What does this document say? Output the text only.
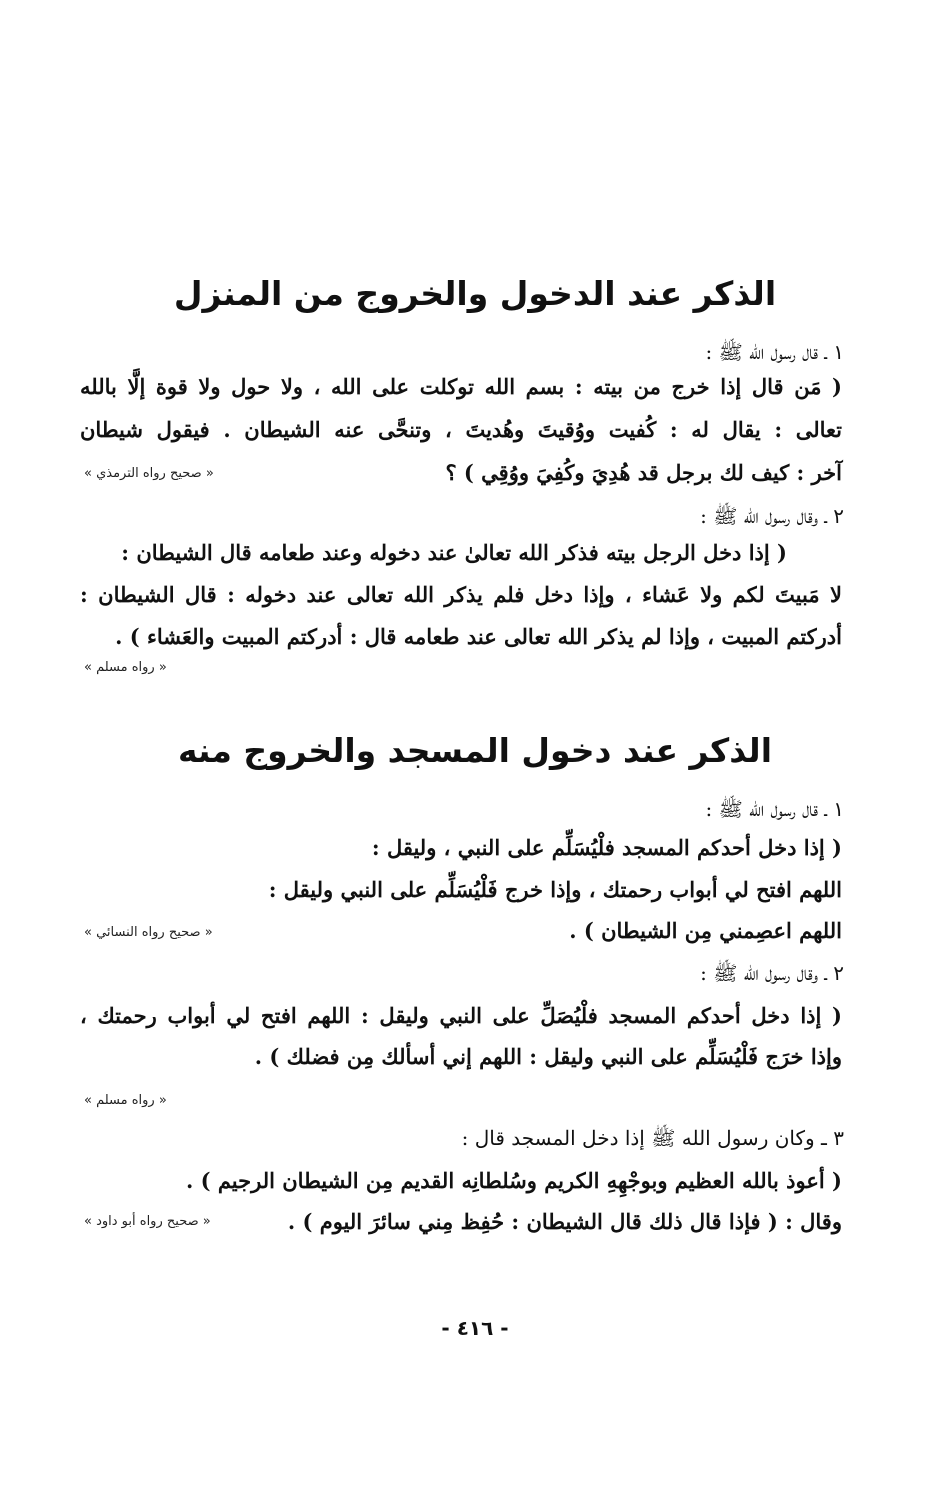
الذكر عند الدخول والخروج من المنزل
١ ـ قال رسول الله ﷺ :
( مَن قال إذا خرج من بيته : بسم الله توكلت على الله ، ولا حول ولا قوة إلَّا بالله
تعالى : يقال له : كُفيت ووُقيتَ وهُديتَ ، وتنحَّى عنه الشيطان . فيقول شيطان
آخر : كيف لك برجل قد هُدِيَ وكُفِيَ ووُقِي ) ؟
« صحيح رواه الترمذي »
٢ ـ وقال رسول الله ﷺ :
( إذا دخل الرجل بيته فذكر الله تعالىٰ عند دخوله وعند طعامه قال الشيطان :
لا مَبيتَ لكم ولا عَشاء ، وإذا دخل فلم يذكر الله تعالى عند دخوله : قال الشيطان :
أدركتم المبيت ، وإذا لم يذكر الله تعالى عند طعامه قال : أدركتم المبيت والعَشاء ) .
« رواه مسلم »
الذكر عند دخول المسجد والخروج منه
١ ـ قال رسول الله ﷺ :
( إذا دخل أحدكم المسجد فلْيُسَلِّم على النبي ، وليقل :
اللهم افتح لي أبواب رحمتك ، وإذا خرج فَلْيُسَلِّم على النبي وليقل :
اللهم اعصِمني مِن الشيطان ) .
« صحيح رواه النسائي »
٢ ـ وقال رسول الله ﷺ :
( إذا دخل أحدكم المسجد فلْيُصَلِّ على النبي وليقل : اللهم افتح لي أبواب رحمتك ،
وإذا خرَج فَلْيُسَلِّم على النبي وليقل : اللهم إني أسألك مِن فضلك ) .
« رواه مسلم »
٣ ـ وكان رسول الله ﷺ إذا دخل المسجد قال :
( أعوذ بالله العظيم وبوجْهِهِ الكريم وسُلطانِه القديم مِن الشيطان الرجيم ) .
وقال : ( فإذا قال ذلك قال الشيطان : حُفِظ مِني سائرَ اليوم ) .
« صحيح رواه أبو داود »
- ٤١٦ -
